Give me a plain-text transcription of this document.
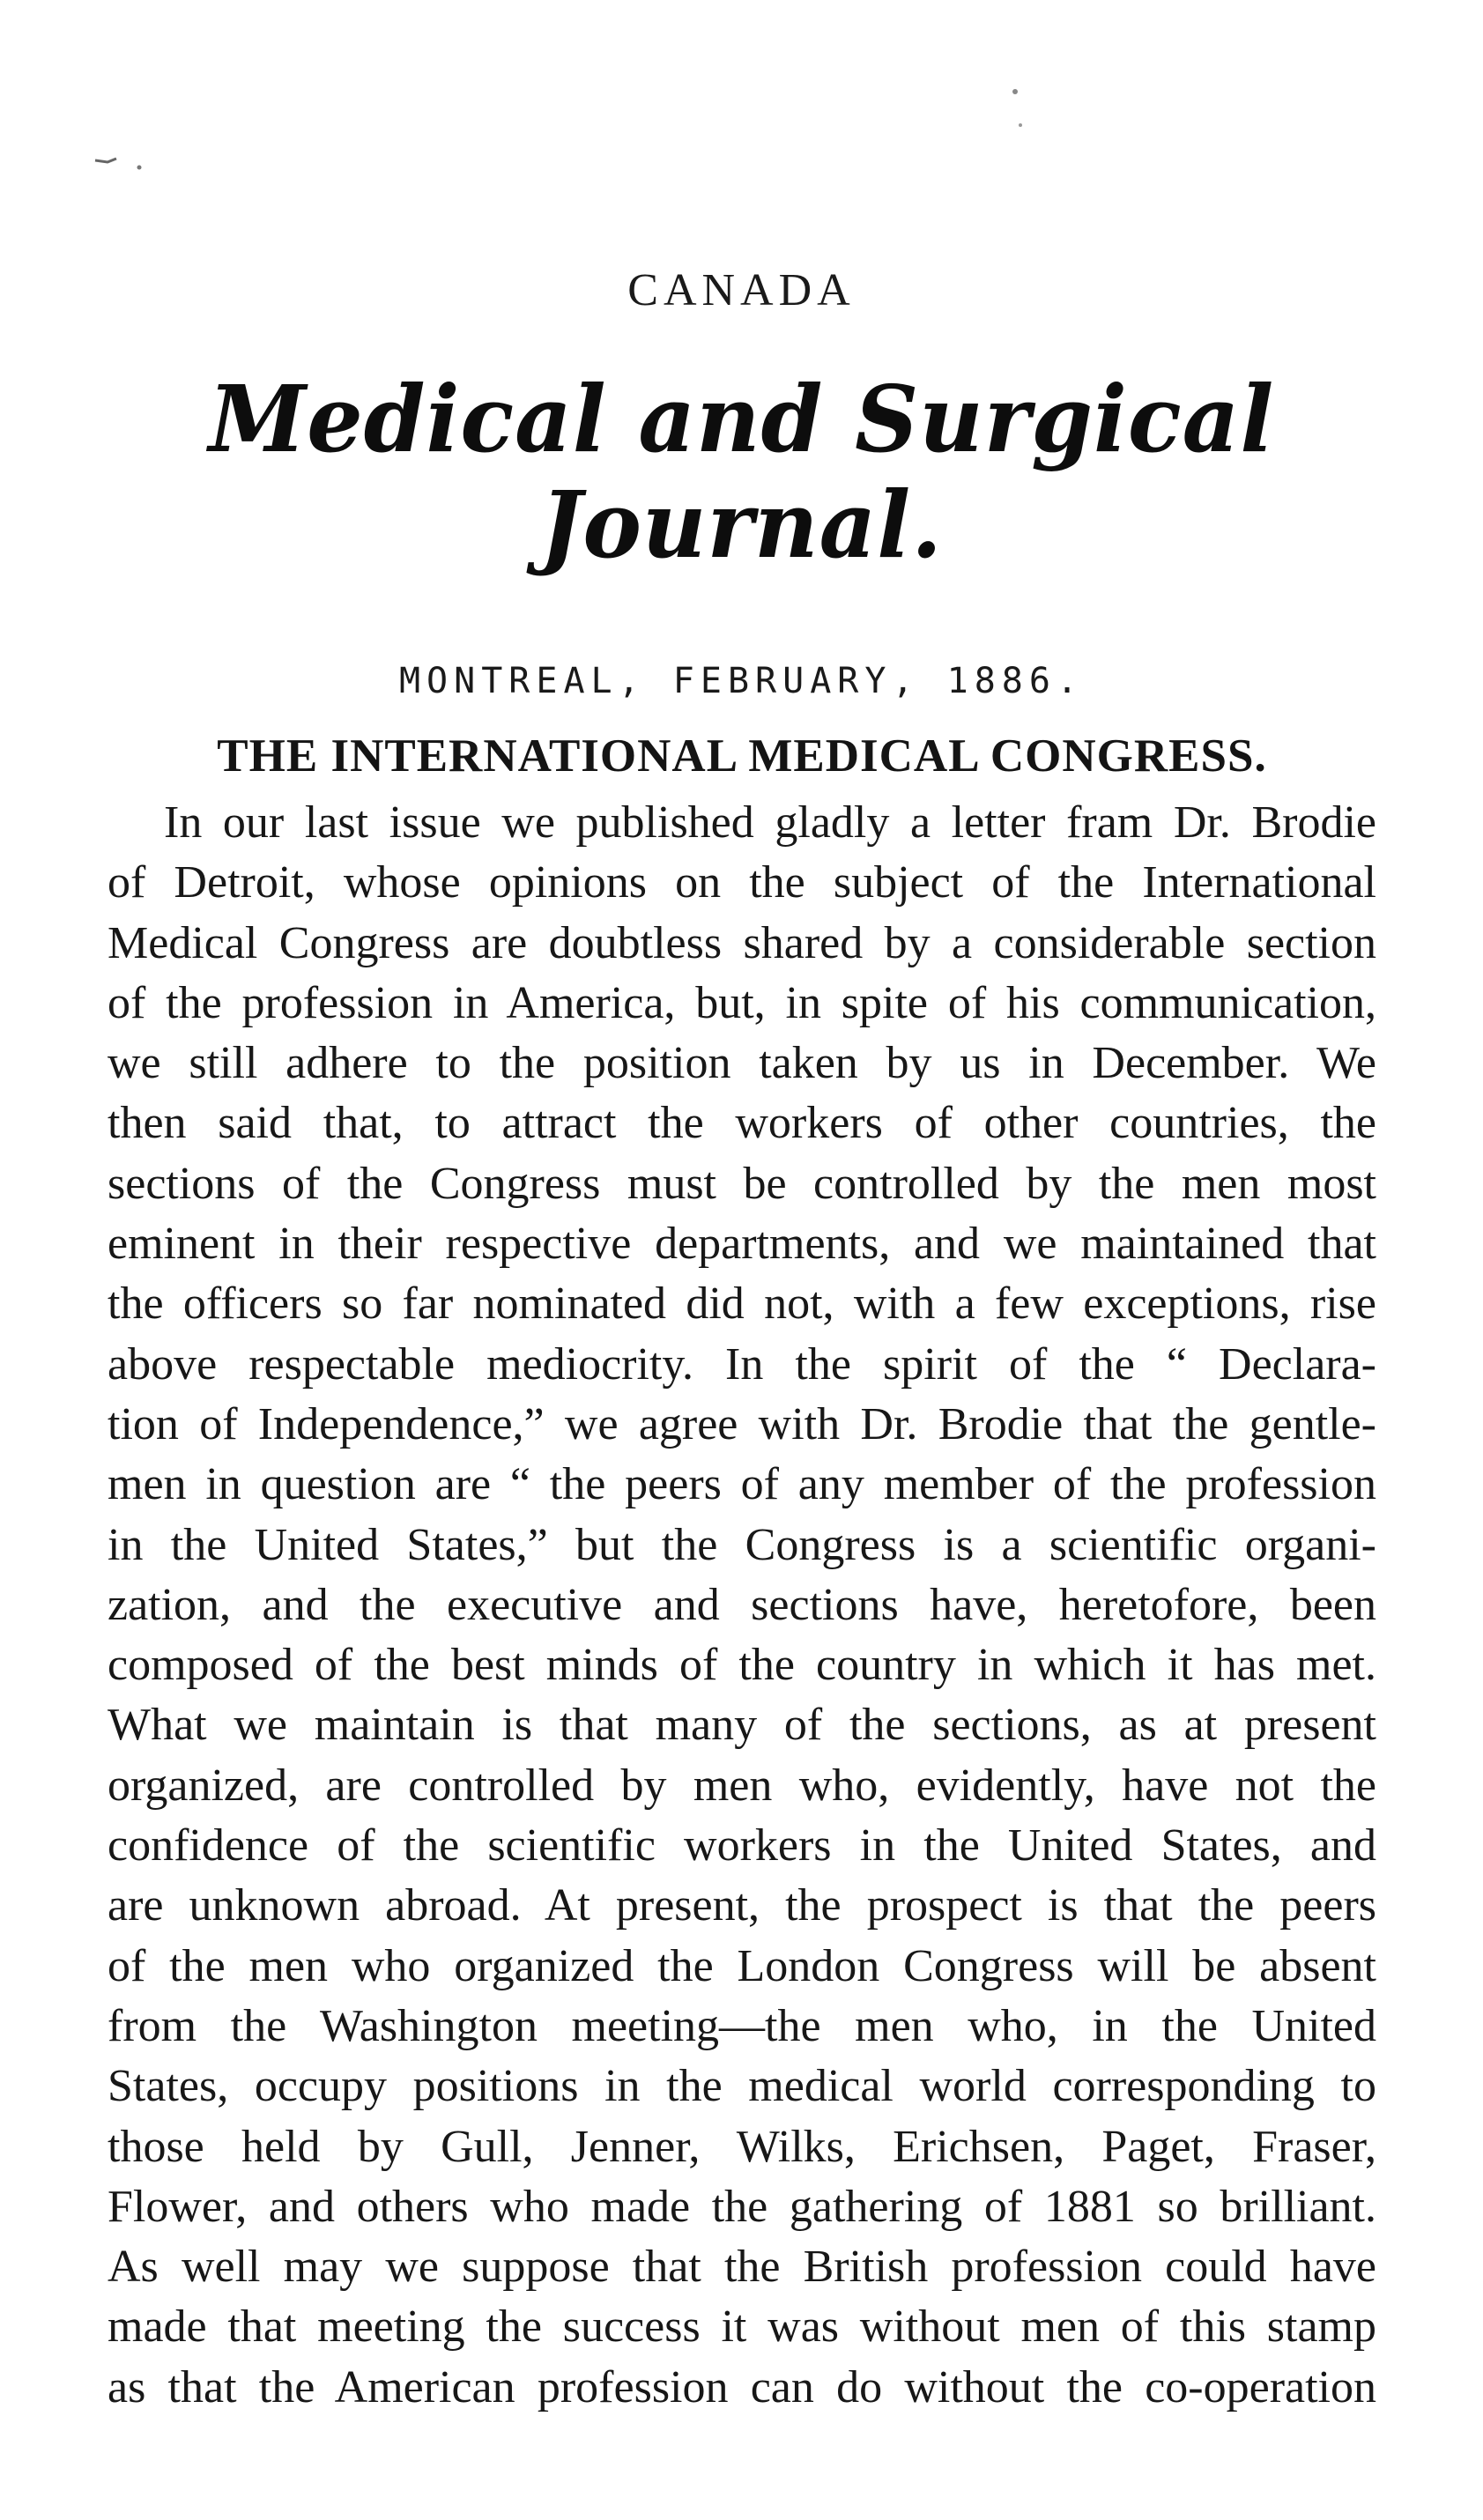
CANADA
Medical and Surgical Journal.
MONTREAL, FEBRUARY, 1886.
THE INTERNATIONAL MEDICAL CONGRESS.
In our last issue we published gladly a letter fram Dr. Brodie
of Detroit, whose opinions on the subject of the International
Medical Congress are doubtless shared by a considerable section
of the profession in America, but, in spite of his communication,
we still adhere to the position taken by us in December. We
then said that, to attract the workers of other countries, the
sections of the Congress must be controlled by the men most
eminent in their respective departments, and we maintained that
the officers so far nominated did not, with a few exceptions, rise
above respectable mediocrity. In the spirit of the “ Declara-
tion of Independence,” we agree with Dr. Brodie that the gentle-
men in question are “ the peers of any member of the profession
in the United States,” but the Congress is a scientific organi-
zation, and the executive and sections have, heretofore, been
composed of the best minds of the country in which it has met.
What we maintain is that many of the sections, as at present
organized, are controlled by men who, evidently, have not the
confidence of the scientific workers in the United States, and
are unknown abroad. At present, the prospect is that the peers
of the men who organized the London Congress will be absent
from the Washington meeting—the men who, in the United
States, occupy positions in the medical world corresponding to
those held by Gull, Jenner, Wilks, Erichsen, Paget, Fraser,
Flower, and others who made the gathering of 1881 so brilliant.
As well may we suppose that the British profession could have
made that meeting the success it was without men of this stamp
as that the American profession can do without the co-operation
